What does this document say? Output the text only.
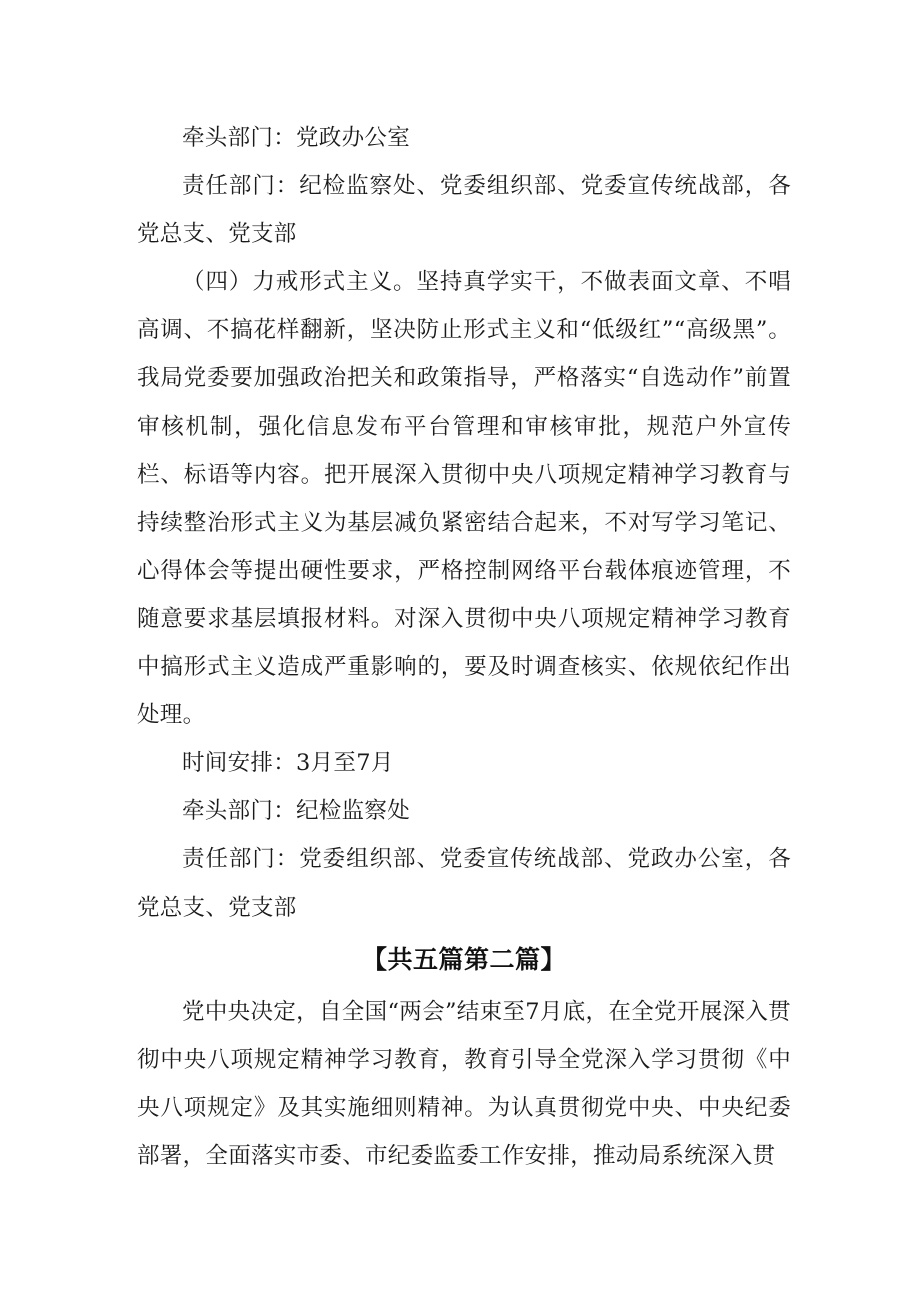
牵头部门：党政办公室

责任部门：纪检监察处、党委组织部、党委宣传统战部，各党总支、党支部

（四）力戒形式主义。坚持真学实干，不做表面文章、不唱高调、不搞花样翻新，坚决防止形式主义和“低级红”“高级黑”。我局党委要加强政治把关和政策指导，严格落实“自选动作”前置审核机制，强化信息发布平台管理和审核审批，规范户外宣传栏、标语等内容。把开展深入贯彻中央八项规定精神学习教育与持续整治形式主义为基层减负紧密结合起来，不对写学习笔记、心得体会等提出硬性要求，严格控制网络平台载体痕迹管理，不随意要求基层填报材料。对深入贯彻中央八项规定精神学习教育中搞形式主义造成严重影响的，要及时调查核实、依规依纪作出处理。

时间安排：3月至7月

牵头部门：纪检监察处

责任部门：党委组织部、党委宣传统战部、党政办公室，各党总支、党支部

【共五篇第二篇】

党中央决定，自全国“两会”结束至7月底，在全党开展深入贯彻中央八项规定精神学习教育，教育引导全党深入学习贯彻《中央八项规定》及其实施细则精神。为认真贯彻党中央、中央纪委部署，全面落实市委、市纪委监委工作安排，推动局系统深入贯
